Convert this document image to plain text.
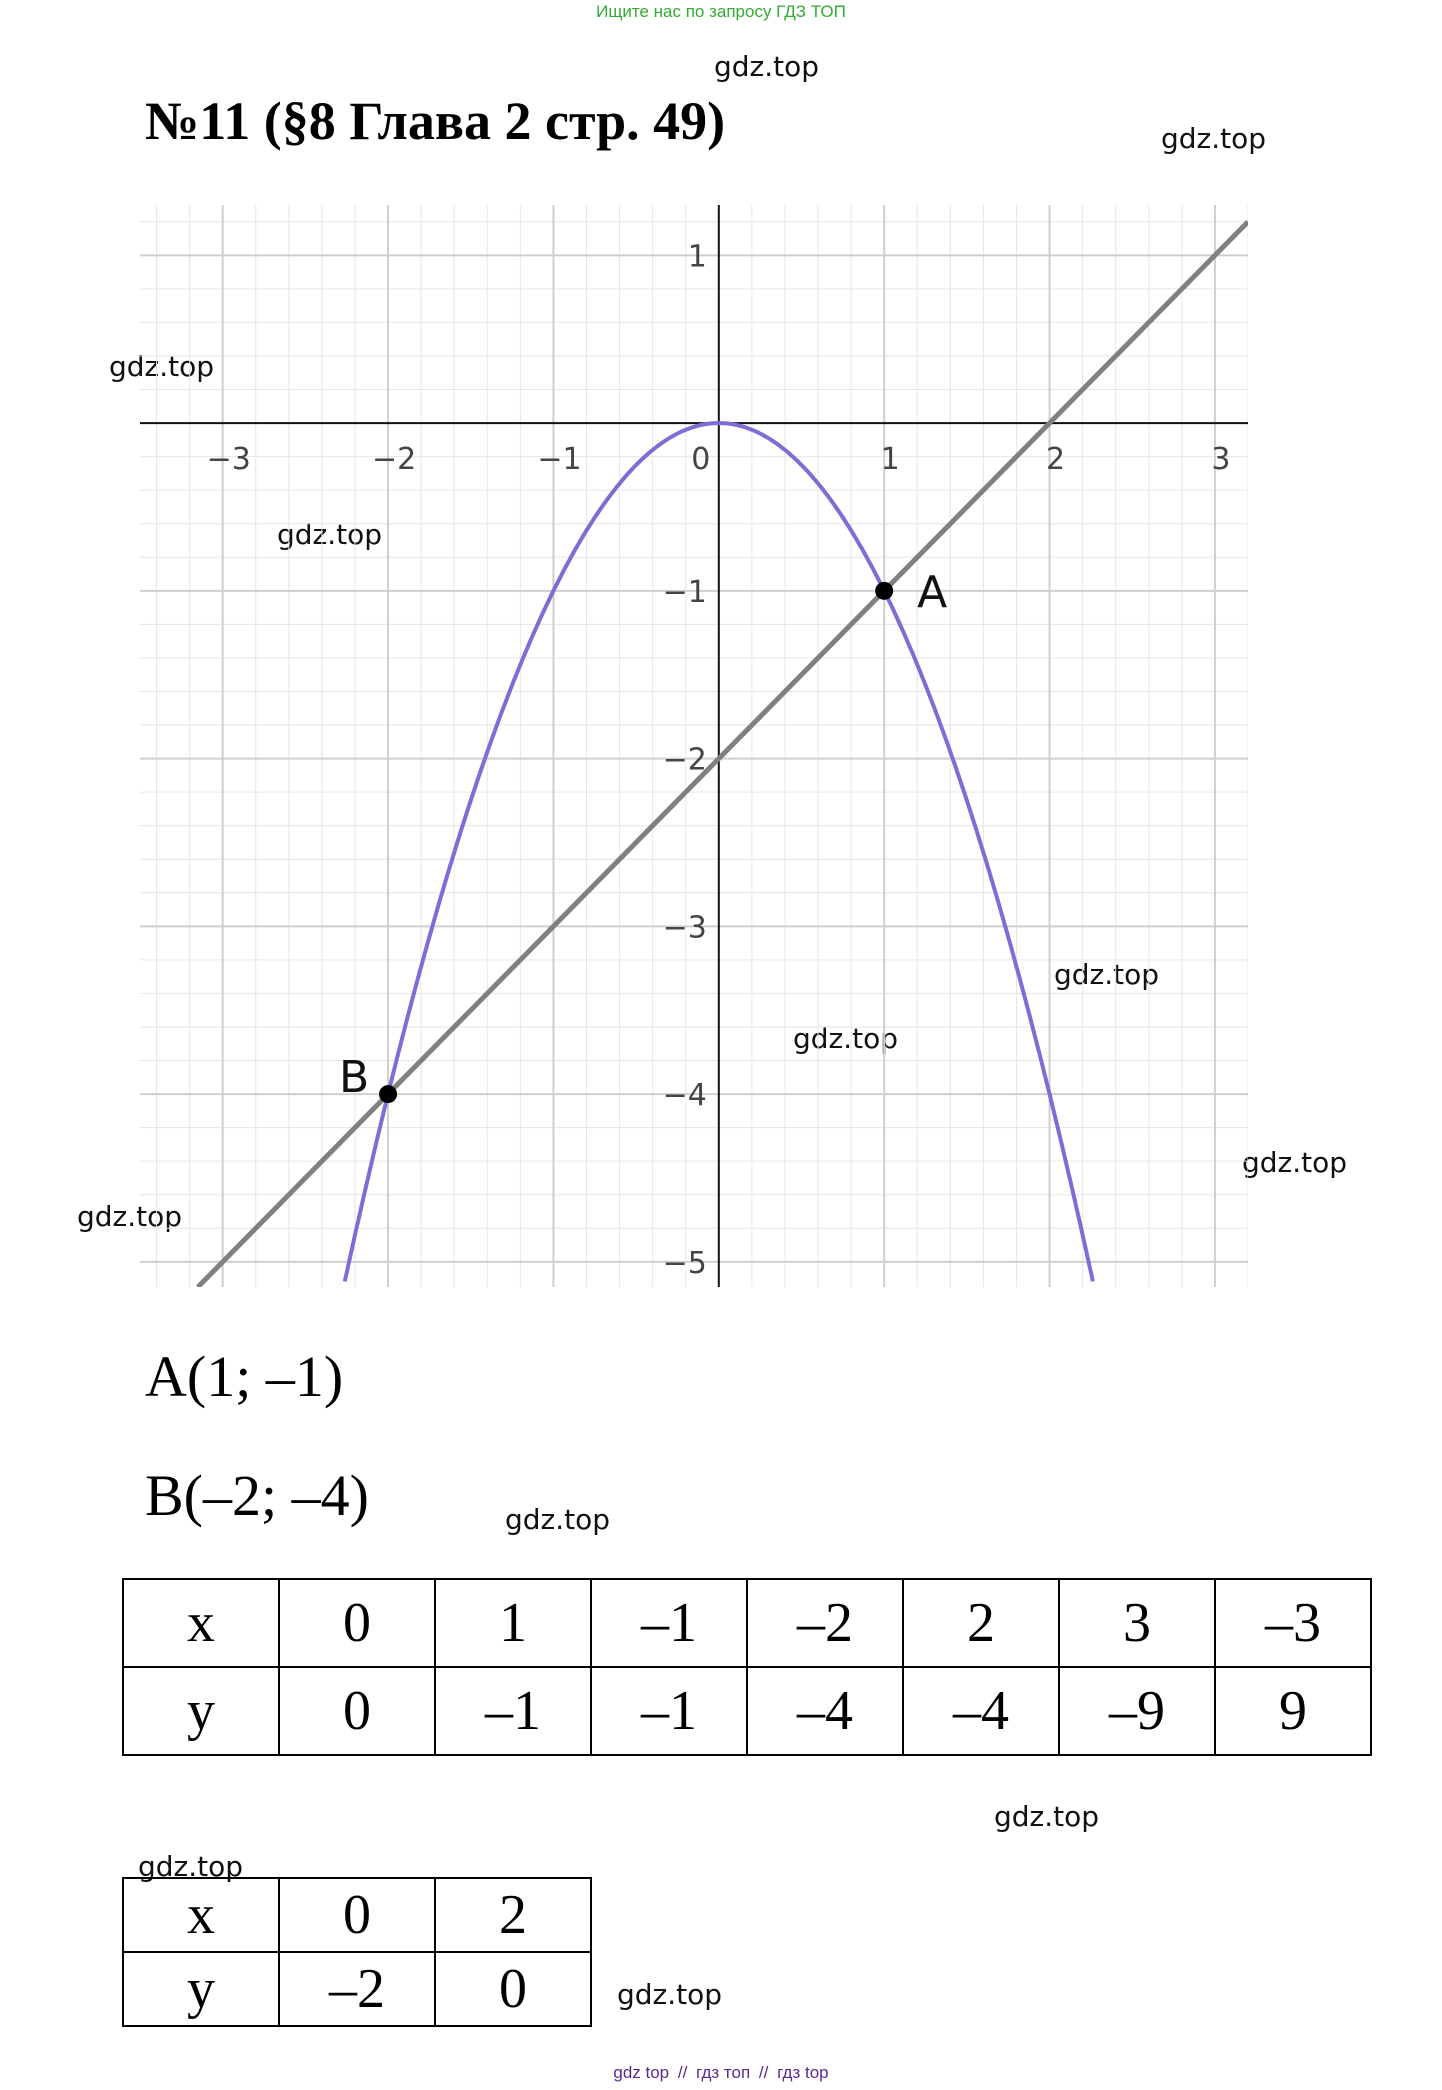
Ищите нас по запросу ГДЗ ТОП
№11 (§8 Глава 2 стр. 49)
gdz.top
gdz.top
gdz.top
gdz.top
gdz.top
gdz.top
gdz.top
gdz.top
gdz.top
gdz.top
gdz.top
gdz.top
−3	−2	−1	0	1	2	3
1
−1
−2
−3
−4
−5
A
B
A(1; –1)
B(–2; –4)
x	0	1	–1	–2	2	3	–3
y	0	–1	–1	–4	–4	–9	9
x	0	2
y	–2	0
gdz top // гдз топ // гдз top
